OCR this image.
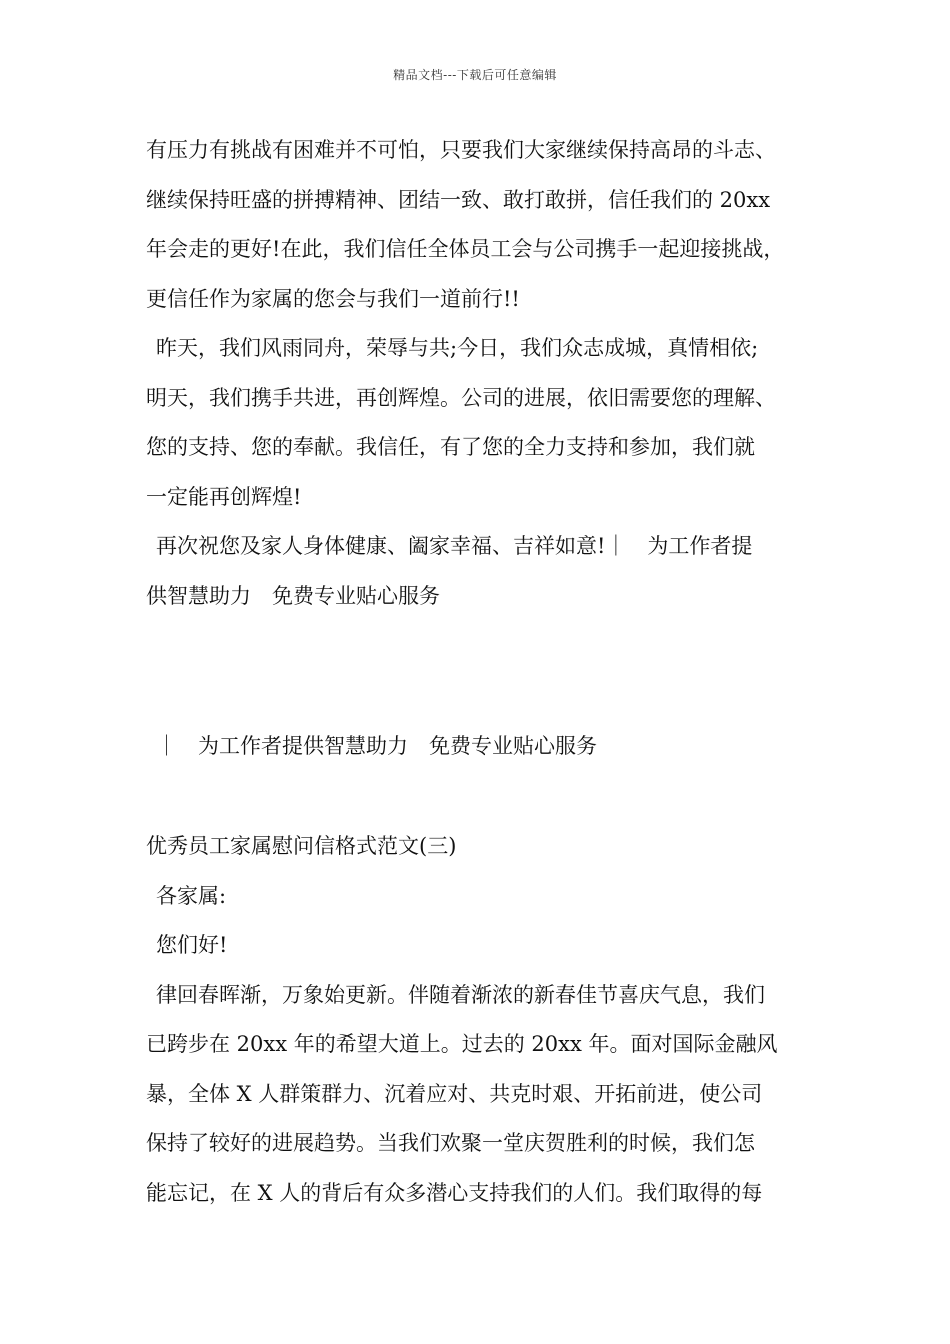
精品文档---下载后可任意编辑
有压力有挑战有困难并不可怕，只要我们大家继续保持高昂的斗志、
继续保持旺盛的拼搏精神、团结一致、敢打敢拼，信任我们的 20xx
年会走的更好!在此，我们信任全体员工会与公司携手一起迎接挑战，
更信任作为家属的您会与我们一道前行!!
昨天，我们风雨同舟，荣辱与共;今日，我们众志成城，真情相依;
明天，我们携手共进，再创辉煌。公司的进展，依旧需要您的理解、
您的支持、您的奉献。我信任，有了您的全力支持和参加，我们就
一定能再创辉煌!
再次祝您及家人身体健康、阖家幸福、吉祥如意!｜　为工作者提
供智慧助力　免费专业贴心服务
｜　为工作者提供智慧助力　免费专业贴心服务
优秀员工家属慰问信格式范文(三)
各家属:
您们好!
律回春晖渐，万象始更新。伴随着渐浓的新春佳节喜庆气息，我们
已跨步在 20xx 年的希望大道上。过去的 20xx 年。面对国际金融风
暴，全体 X 人群策群力、沉着应对、共克时艰、开拓前进，使公司
保持了较好的进展趋势。当我们欢聚一堂庆贺胜利的时候，我们怎
能忘记，在 X 人的背后有众多潜心支持我们的人们。我们取得的每
